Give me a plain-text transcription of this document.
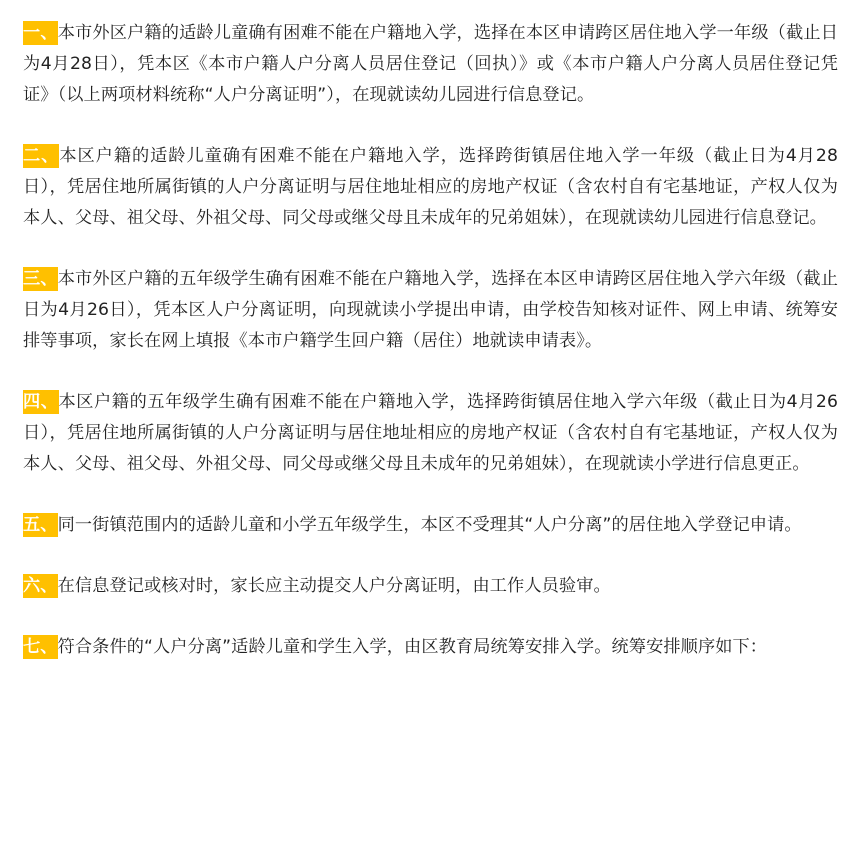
一、本市外区户籍的适龄儿童确有困难不能在户籍地入学，选择在本区申请跨区居住地入学一年级（截止日为4月28日），凭本区《本市户籍人户分离人员居住登记（回执）》或《本市户籍人户分离人员居住登记凭证》（以上两项材料统称“人户分离证明”），在现就读幼儿园进行信息登记。

二、本区户籍的适龄儿童确有困难不能在户籍地入学，选择跨街镇居住地入学一年级（截止日为4月28日），凭居住地所属街镇的人户分离证明与居住地址相应的房地产权证（含农村自有宅基地证，产权人仅为本人、父母、祖父母、外祖父母、同父母或继父母且未成年的兄弟姐妹），在现就读幼儿园进行信息登记。

三、本市外区户籍的五年级学生确有困难不能在户籍地入学，选择在本区申请跨区居住地入学六年级（截止日为4月26日），凭本区人户分离证明，向现就读小学提出申请，由学校告知核对证件、网上申请、统筹安排等事项，家长在网上填报《本市户籍学生回户籍（居住）地就读申请表》。

四、本区户籍的五年级学生确有困难不能在户籍地入学，选择跨街镇居住地入学六年级（截止日为4月26日），凭居住地所属街镇的人户分离证明与居住地址相应的房地产权证（含农村自有宅基地证，产权人仅为本人、父母、祖父母、外祖父母、同父母或继父母且未成年的兄弟姐妹），在现就读小学进行信息更正。

五、同一街镇范围内的适龄儿童和小学五年级学生，本区不受理其“人户分离”的居住地入学登记申请。

六、在信息登记或核对时，家长应主动提交人户分离证明，由工作人员验审。

七、符合条件的“人户分离”适龄儿童和学生入学，由区教育局统筹安排入学。统筹安排顺序如下：
